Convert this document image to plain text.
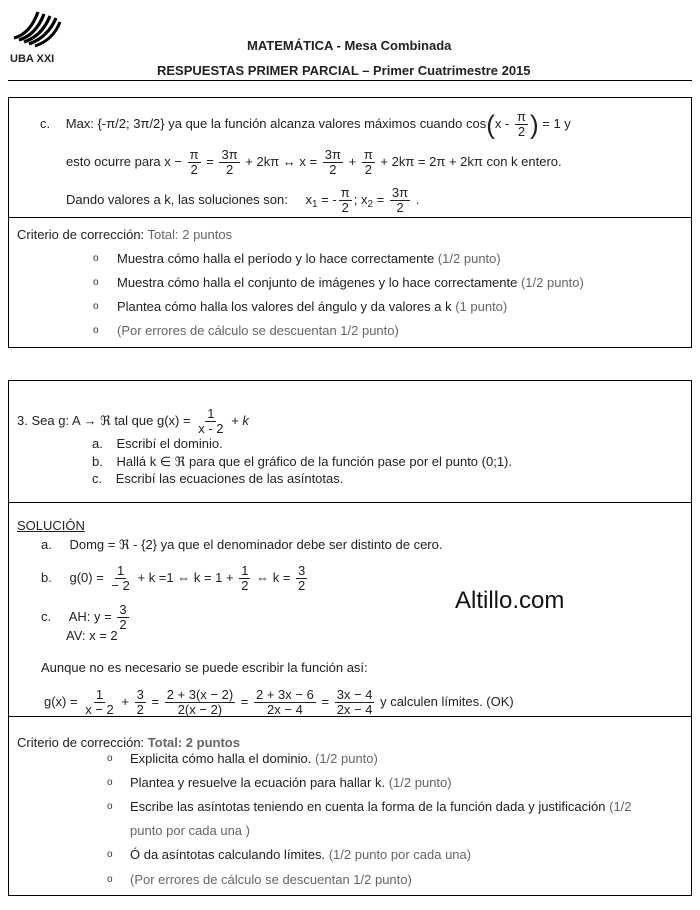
UBA XXI
MATEMÁTICA - Mesa Combinada
RESPUESTAS PRIMER PARCIAL – Primer Cuatrimestre 2015
c. Max: {-π/2; 3π/2} ya que la función alcanza valores máximos cuando $\cos(x - \frac{\pi}{2}$ ) = 1 y
esto ocurre para $x - \frac{\pi}{2} = \frac{3\pi}{2} + 2k\pi$ ↔ $x = \frac{3\pi}{2} + \frac{\pi}{2} + 2k\pi = 2\pi + 2k\pi$ con k entero.
Dando valores a k, las soluciones son: $x_1$ = - $\frac{\pi}{2}$ ; $x_2 = \frac{3\pi}{2}$ .
Criterio de corrección: Total: 2 puntos
o Muestra cómo halla el período y lo hace correctamente (1/2 punto)
o Muestra cómo halla el conjunto de imágenes y lo hace correctamente (1/2 punto)
o Plantea cómo halla los valores del ángulo y da valores a k (1 punto)
o (Por errores de cálculo se descuentan 1/2 punto)
3. Sea g: A → ℜ tal que $g(x) = \frac{1}{x - 2} + k$
a. Escribí el dominio.
b. Hallá k ∈ ℜ para que el gráfico de la función pase por el punto (0;1).
c. Escribí las ecuaciones de las asíntotas.
SOLUCIÓN
a. Domg = ℜ - {2} ya que el denominador debe ser distinto de cero.
b. $g(0) = \frac{1}{- 2} + k =1$ ⇔ $k = 1 + \frac{1}{2}$ ⇔ $k = \frac{3}{2}$
c. AH: $y = \frac{3}{2}$
AV: x = 2
Altillo.com
Aunque no es necesario se puede escribir la función así:
$g(x) = \frac{1}{x - 2} + \frac{3}{2} = \frac{2 + 3(x - 2)}{2(x - 2)} = \frac{2 + 3x - 6}{2x - 4} = \frac{3x - 4}{2x - 4}$ y calculen límites. (OK)
Criterio de corrección: Total: 2 puntos
o Explicita cómo halla el dominio. (1/2 punto)
o Plantea y resuelve la ecuación para hallar k. (1/2 punto)
o Escribe las asíntotas teniendo en cuenta la forma de la función dada y justificación (1/2
punto por cada una )
o Ó da asíntotas calculando límites. (1/2 punto por cada una)
o (Por errores de cálculo se descuentan 1/2 punto)
